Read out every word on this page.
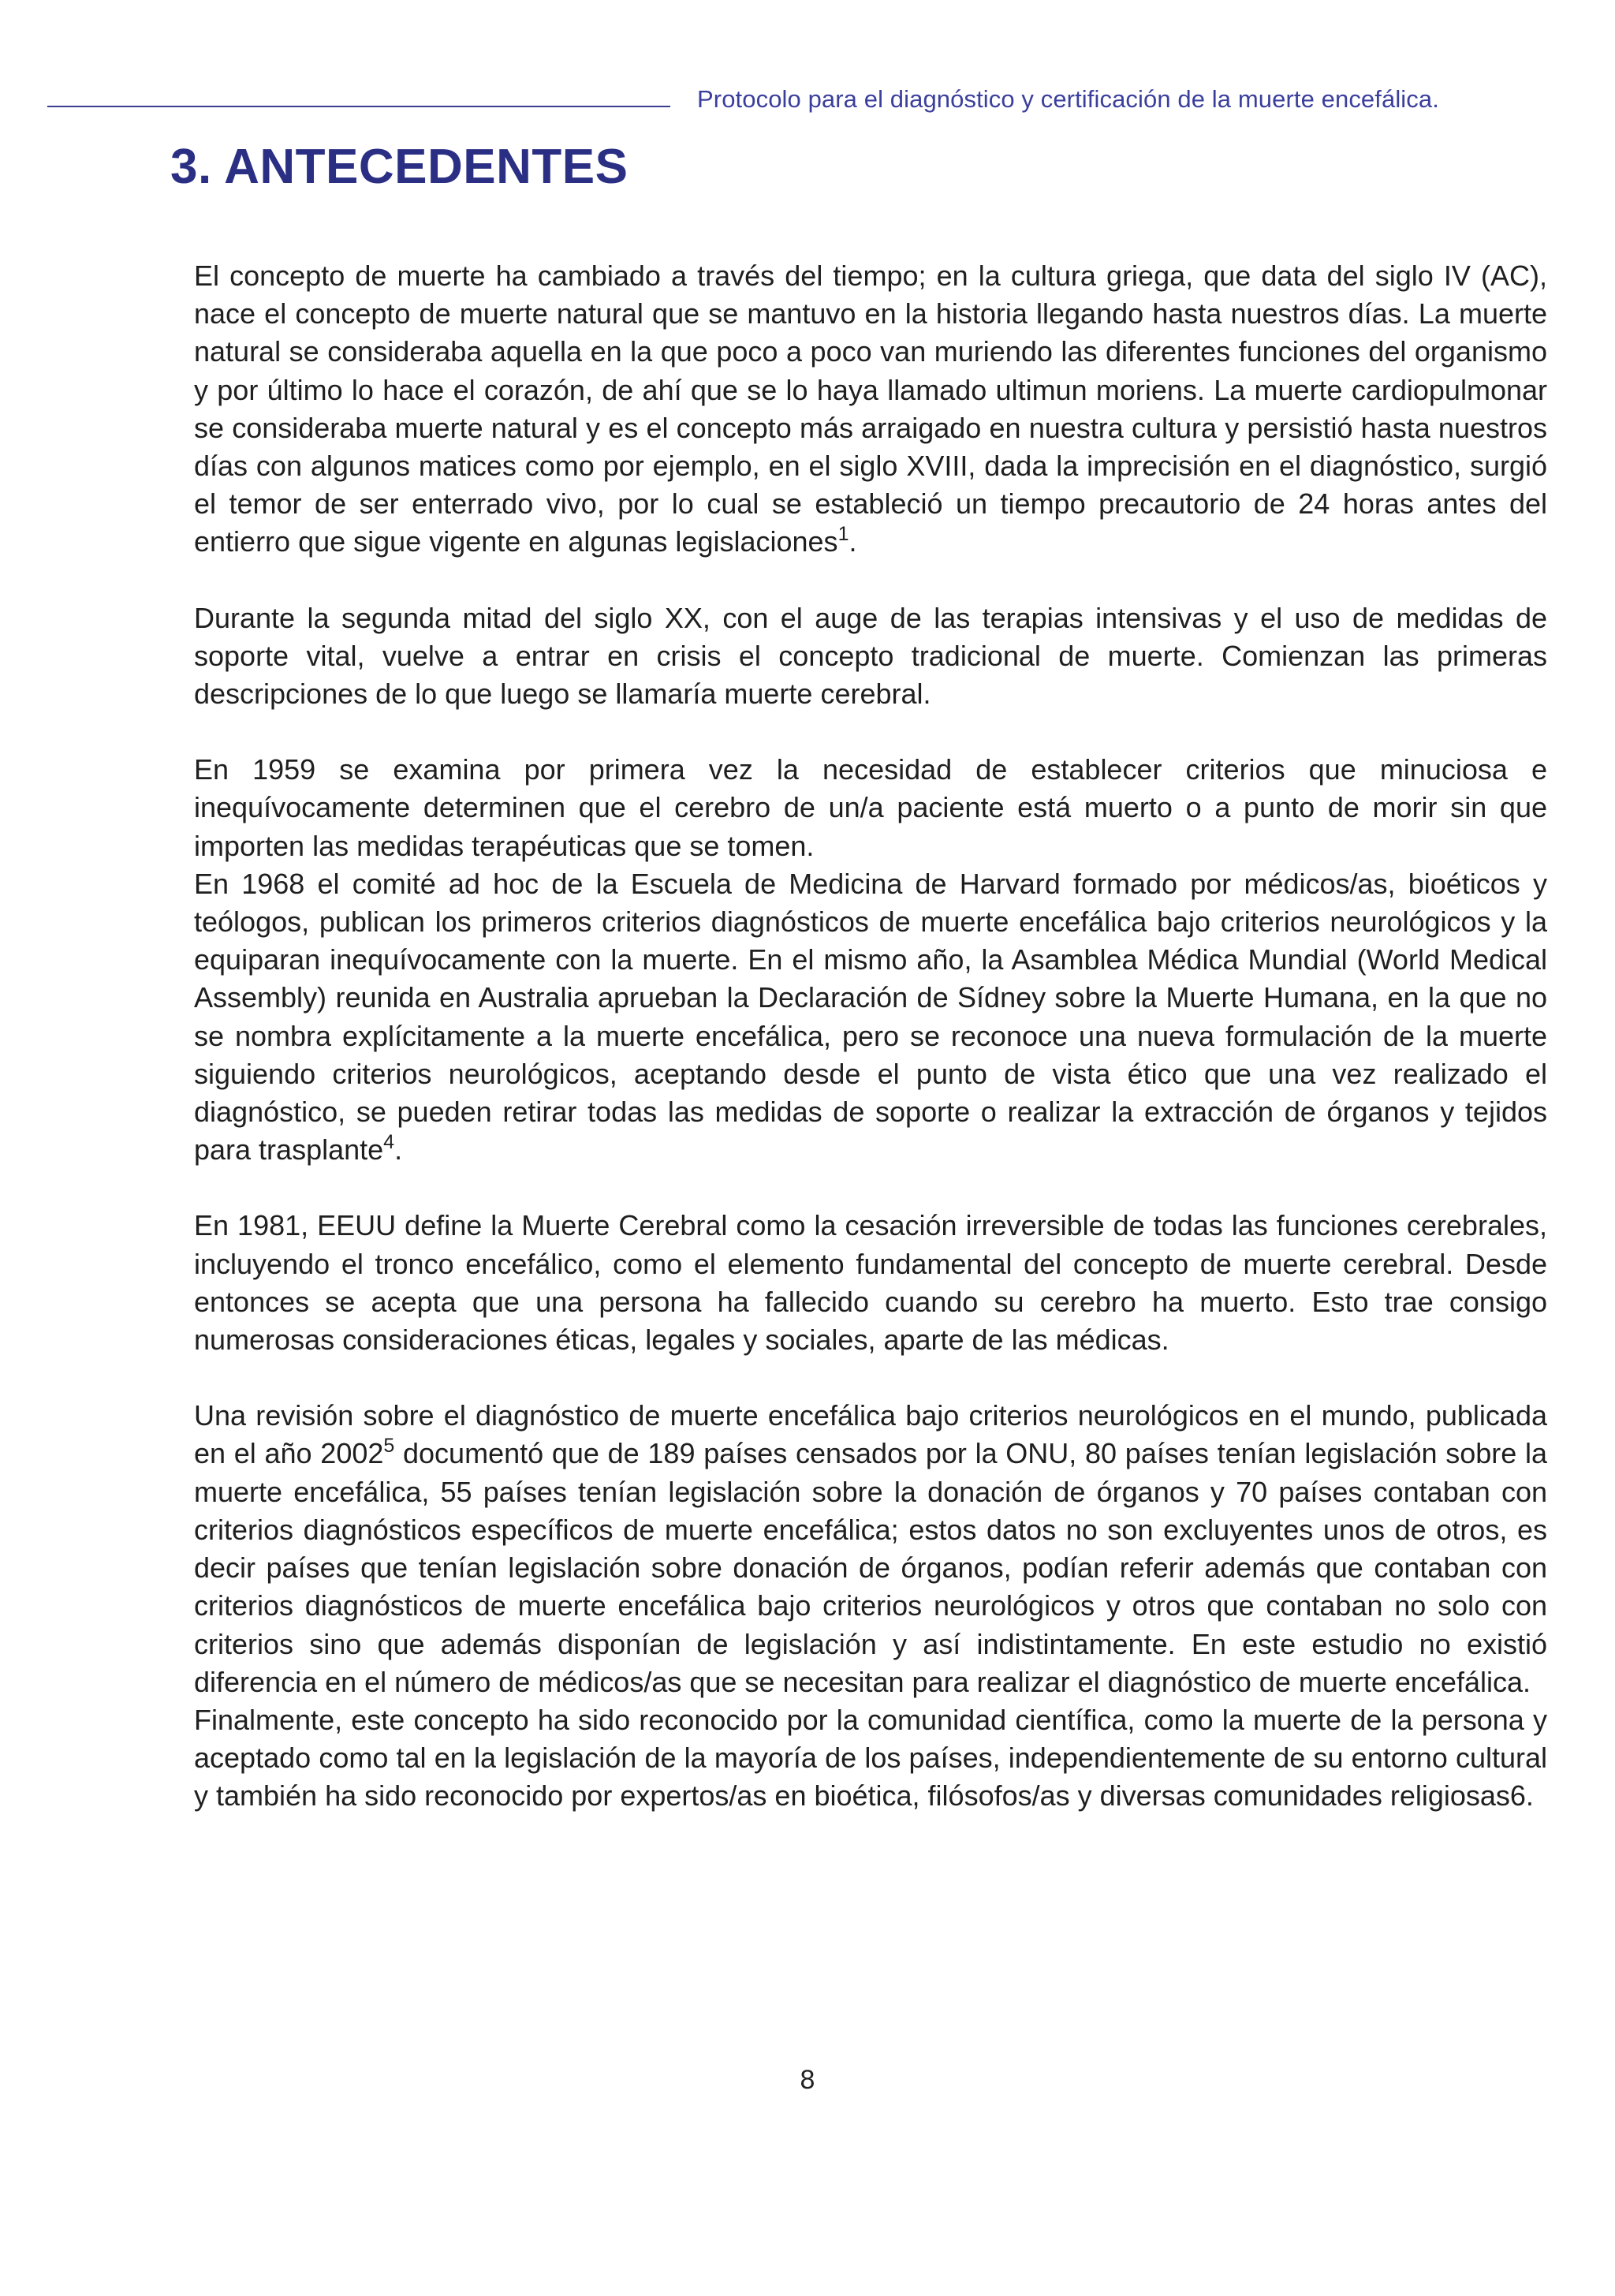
Protocolo para el diagnóstico y certificación de la muerte encefálica.
3. ANTECEDENTES

El concepto de muerte ha cambiado a través del tiempo; en la cultura griega, que data del siglo IV (AC), nace el concepto de muerte natural que se mantuvo en la historia llegando hasta nuestros días. La muerte natural se consideraba aquella en la que poco a poco van muriendo las diferentes funciones del organismo y por último lo hace el corazón, de ahí que se lo haya llamado ultimun moriens. La muerte cardiopulmonar se consideraba muerte natural y es el concepto más arraigado en nuestra cultura y persistió hasta nuestros días con algunos matices como por ejemplo, en el siglo XVIII, dada la imprecisión en el diagnóstico, surgió el temor de ser enterrado vivo, por lo cual se estableció un tiempo precautorio de 24 horas antes del entierro que sigue vigente en algunas legislaciones$^1$.

Durante la segunda mitad del siglo XX, con el auge de las terapias intensivas y el uso de medidas de soporte vital, vuelve a entrar en crisis el concepto tradicional de muerte. Comienzan las primeras descripciones de lo que luego se llamaría muerte cerebral.

En 1959 se examina por primera vez la necesidad de establecer criterios que minuciosa e inequívocamente determinen que el cerebro de un/a paciente está muerto o a punto de morir sin que importen las medidas terapéuticas que se tomen.

En 1968 el comité ad hoc de la Escuela de Medicina de Harvard formado por médicos/as, bioéticos y teólogos, publican los primeros criterios diagnósticos de muerte encefálica bajo criterios neurológicos y la equiparan inequívocamente con la muerte. En el mismo año, la Asamblea Médica Mundial (World Medical Assembly) reunida en Australia aprueban la Declaración de Sídney sobre la Muerte Humana, en la que no se nombra explícitamente a la muerte encefálica, pero se reconoce una nueva formulación de la muerte siguiendo criterios neurológicos, aceptando desde el punto de vista ético que una vez realizado el diagnóstico, se pueden retirar todas las medidas de soporte o realizar la extracción de órganos y tejidos para trasplante$^4$.

En 1981, EEUU define la Muerte Cerebral como la cesación irreversible de todas las funciones cerebrales, incluyendo el tronco encefálico, como el elemento fundamental del concepto de muerte cerebral. Desde entonces se acepta que una persona ha fallecido cuando su cerebro ha muerto. Esto trae consigo numerosas consideraciones éticas, legales y sociales, aparte de las médicas.

Una revisión sobre el diagnóstico de muerte encefálica bajo criterios neurológicos en el mundo, publicada en el año 2002$^5$ documentó que de 189 países censados por la ONU, 80 países tenían legislación sobre la muerte encefálica, 55 países tenían legislación sobre la donación de órganos y 70 países contaban con criterios diagnósticos específicos de muerte encefálica; estos datos no son excluyentes unos de otros, es decir países que tenían legislación sobre donación de órganos, podían referir además que contaban con criterios diagnósticos de muerte encefálica bajo criterios neurológicos y otros que contaban no solo con criterios sino que además disponían de legislación y así indistintamente. En este estudio no existió diferencia en el número de médicos/as que se necesitan para realizar el diagnóstico de muerte encefálica.

Finalmente, este concepto ha sido reconocido por la comunidad científica, como la muerte de la persona y aceptado como tal en la legislación de la mayoría de los países, independientemente de su entorno cultural y también ha sido reconocido por expertos/as en bioética, filósofos/as y diversas comunidades religiosas6.

8
